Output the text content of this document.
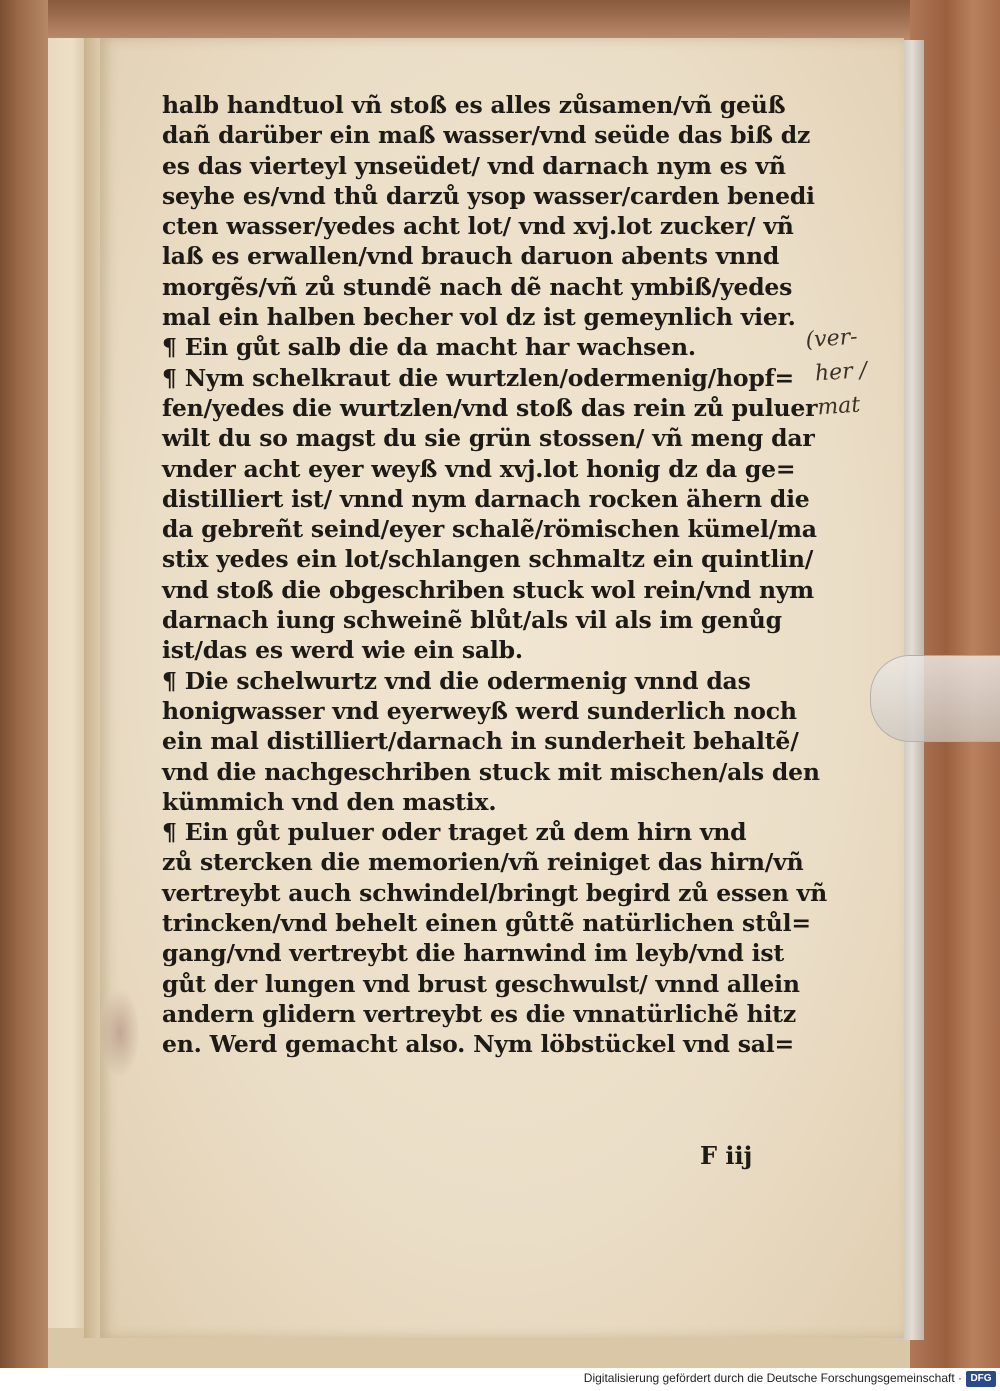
halb handtuol vñ stoß es alles zůsamen/vñ geüß
dañ darüber ein maß wasser/vnd seüde das biß dz
es das vierteyl ynseüdet/ vnd darnach nym es vñ
seyhe es/vnd thů darzů ysop wasser/carden benedi
cten wasser/yedes acht lot/ vnd xvj.lot zucker/ vñ
laß es erwallen/vnd brauch daruon abents vnnd
morgẽs/vñ zů stundẽ nach dẽ nacht ymbiß/yedes
mal ein halben becher vol dz ist gemeynlich vier.
¶ Ein gůt salb die da macht har wachsen.
¶ Nym schelkraut die wurtzlen/odermenig/hopf=
fen/yedes die wurtzlen/vnd stoß das rein zů puluer
wilt du so magst du sie grün stossen/ vñ meng dar
vnder acht eyer weyß vnd xvj.lot honig dz da ge=
distilliert ist/ vnnd nym darnach rocken ähern die
da gebreñt seind/eyer schalẽ/römischen kümel/ma
stix yedes ein lot/schlangen schmaltz ein quintlin/
vnd stoß die obgeschriben stuck wol rein/vnd nym
darnach iung schweinẽ blůt/als vil als im genůg
ist/das es werd wie ein salb.
¶ Die schelwurtz vnd die odermenig vnnd das
honigwasser vnd eyerweyß werd sunderlich noch
ein mal distilliert/darnach in sunderheit behaltẽ/
vnd die nachgeschriben stuck mit mischen/als den
kümmich vnd den mastix.
¶ Ein gůt puluer oder traget zů dem hirn vnd
zů stercken die memorien/vñ reiniget das hirn/vñ
vertreybt auch schwindel/bringt begird zů essen vñ
trincken/vnd behelt einen gůttẽ natürlichen stůl=
gang/vnd vertreybt die harnwind im leyb/vnd ist
gůt der lungen vnd brust geschwulst/ vnnd allein
andern glidern vertreybt es die vnnatürlichẽ hitz
en. Werd gemacht also. Nym löbstückel vnd sal=
F iij
(ver-
her /
mat
Digitalisierung gefördert durch die Deutsche Forschungsgemeinschaft · DFG
